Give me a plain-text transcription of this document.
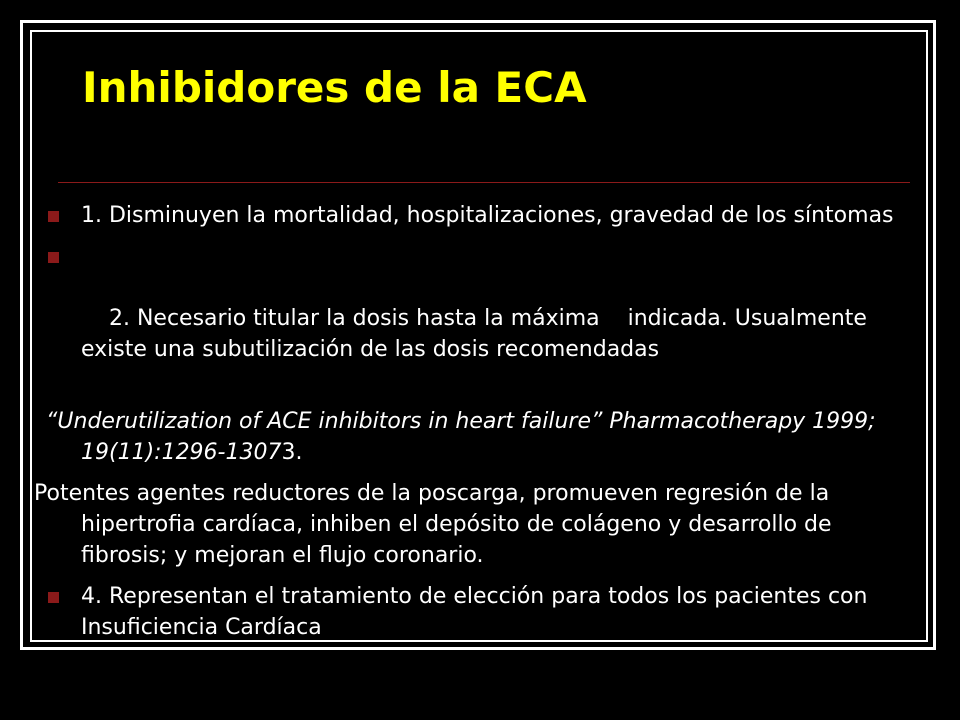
Inhibidores de la ECA
1. Disminuyen la mortalidad, hospitalizaciones, gravedad de los síntomas

2. Necesario titular la dosis hasta la máxima    indicada. Usualmente existe una subutilización de las dosis recomendadas

“Underutilization of ACE inhibitors in heart failure” Pharmacotherapy 1999; 19(11):1296-13073.
Potentes agentes reductores de la poscarga, promueven regresión de la hipertrofia cardíaca, inhiben el depósito de colágeno y desarrollo de fibrosis; y mejoran el flujo coronario.
4. Representan el tratamiento de elección para todos los pacientes con Insuficiencia Cardíaca
